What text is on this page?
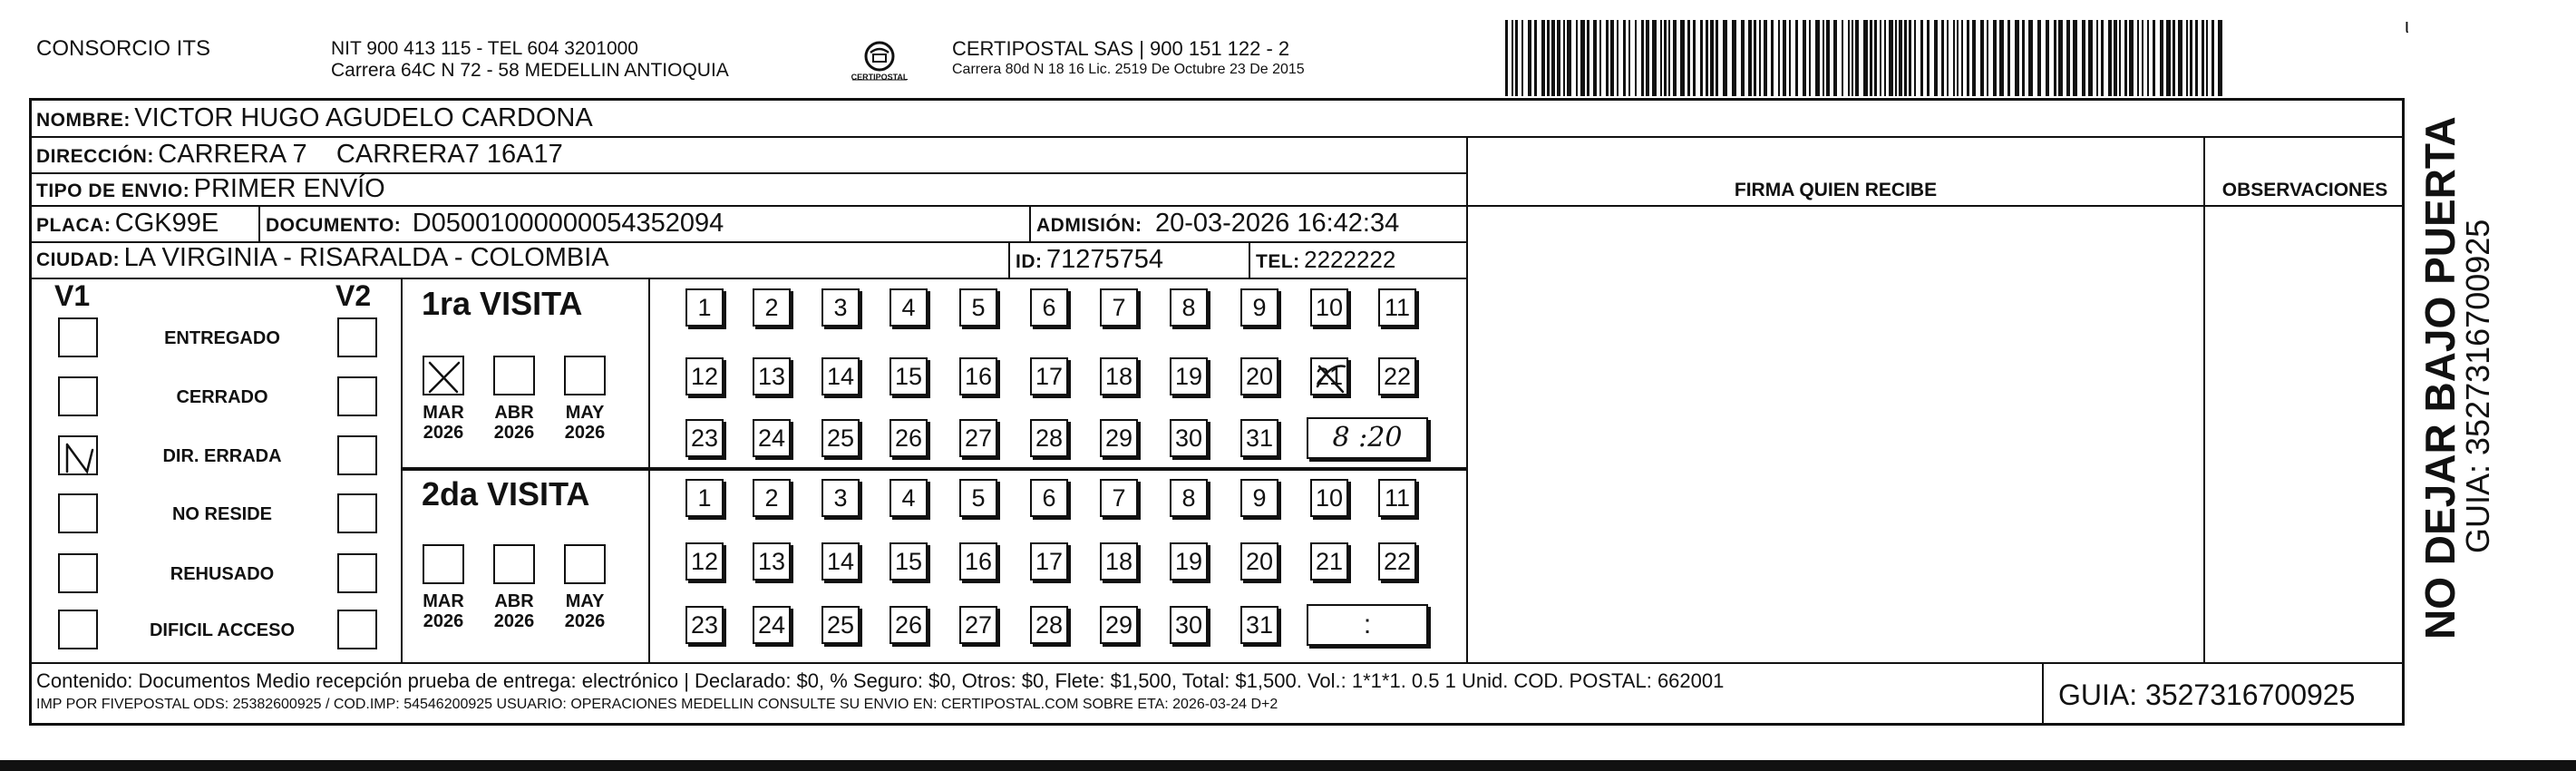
CONSORCIO ITS	NIT 900 413 115 - TEL 604 3201000
Carrera 64C N 72 - 58 MEDELLIN ANTIOQUIA	CERTIPOSTAL
CERTIPOSTAL SAS | 900 151 122 - 2
Carrera 80d N 18 16 Lic. 2519 De Octubre 23 De 2015
ι
NOMBRE: VICTOR HUGO AGUDELO CARDONA
DIRECCIÓN: CARRERA 7    CARRERA7 16A17
TIPO DE ENVIO: PRIMER ENVÍO	FIRMA QUIEN RECIBE	OBSERVACIONES
PLACA: CGK99E DOCUMENTO: D05001000000054352094	ADMISIÓN: 20-03-2026 16:42:34
CIUDAD: LA VIRGINIA - RISARALDA - COLOMBIA	ID: 71275754	TEL: 2222222
V1	V2
ENTREGADO
CERRADO
DIR. ERRADA
NO RESIDE
REHUSADO
DIFICIL ACCESO
1ra VISITA
MAR
2026
ABR
2026
MAY
2026
1	2	3	4	5	6	7	8	9	10 11
12 13 14 15 16 17 18 19 20 21 22
23 24 25 26 27 28 29 30 31	8 :20
2da VISITA
MAR
2026
ABR
2026
MAY
2026
1	2	3	4	5	6	7	8	9	10 11
12 13 14 15 16 17 18 19 20 21 22
23 24 25 26 27 28 29 30 31	:
Contenido: Documentos Medio recepción prueba de entrega: electrónico | Declarado: $0, % Seguro: $0, Otros: $0, Flete: $1,500, Total: $1,500. Vol.: 1*1*1. 0.5 1 Unid. COD. POSTAL: 662001
IMP POR FIVEPOSTAL ODS: 25382600925 / COD.IMP: 54546200925 USUARIO: OPERACIONES MEDELLIN CONSULTE SU ENVIO EN: CERTIPOSTAL.COM SOBRE ETA: 2026-03-24 D+2	GUIA: 3527316700925
NO DEJAR BAJO PUERTA
GUIA: 3527316700925
